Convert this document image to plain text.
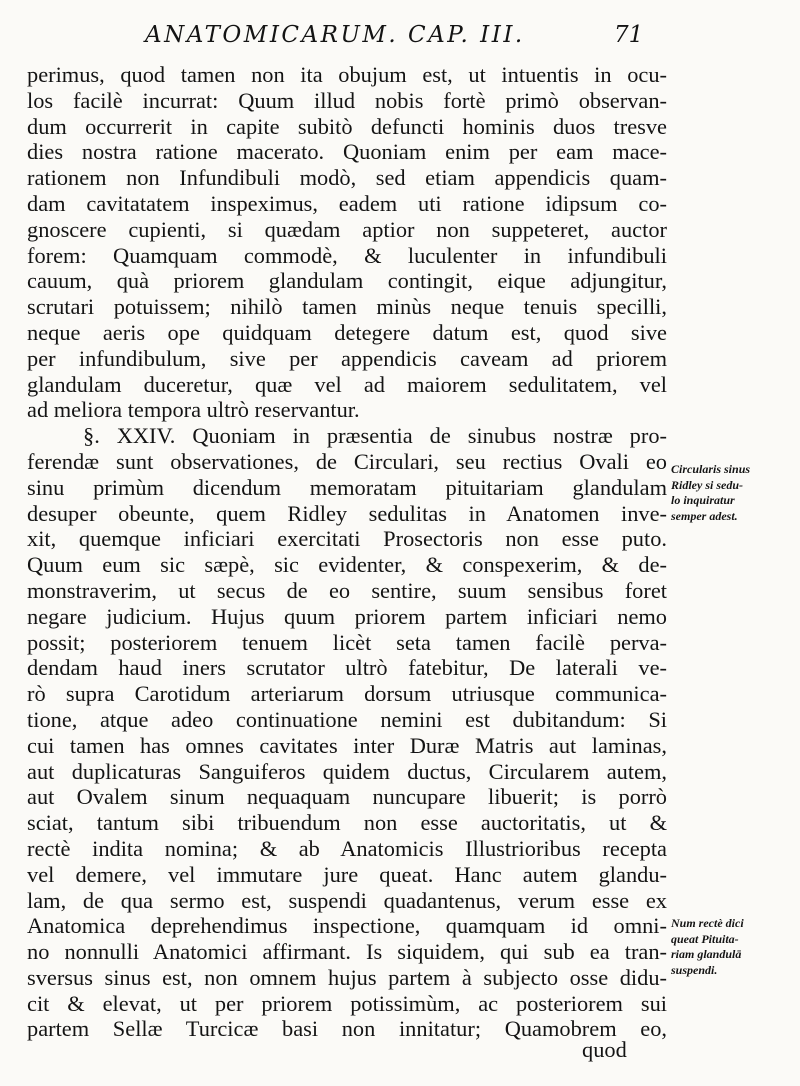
ANATOMICARUM. CAP. III.	71
perimus, quod tamen non ita obujum est, ut intuentis in ocu-
los facilè incurrat: Quum illud nobis fortè primò observan-
dum occurrerit in capite subitò defuncti hominis duos tresve
dies nostra ratione macerato. Quoniam enim per eam mace-
rationem non Infundibuli modò, sed etiam appendicis quam-
dam cavitatatem inspeximus, eadem uti ratione idipsum co-
gnoscere cupienti, si quædam aptior non suppeteret, auctor
forem: Quamquam commodè, & luculenter in infundibuli
cauum, quà priorem glandulam contingit, eique adjungitur,
scrutari potuissem; nihilò tamen minùs neque tenuis specilli,
neque aeris ope quidquam detegere datum est, quod sive
per infundibulum, sive per appendicis caveam ad priorem
glandulam duceretur, quæ vel ad maiorem sedulitatem, vel
ad meliora tempora ultrò reservantur.
§. XXIV. Quoniam in præsentia de sinubus nostræ pro-
ferendæ sunt observationes, de Circulari, seu rectius Ovali eo
sinu primùm dicendum memoratam pituitariam glandulam
desuper obeunte, quem Ridley sedulitas in Anatomen inve-
xit, quemque inficiari exercitati Prosectoris non esse puto.
Quum eum sic sæpè, sic evidenter, & conspexerim, & de-
monstraverim, ut secus de eo sentire, suum sensibus foret
negare judicium. Hujus quum priorem partem inficiari nemo
possit; posteriorem tenuem licèt seta tamen facilè perva-
dendam haud iners scrutator ultrò fatebitur, De laterali ve-
rò supra Carotidum arteriarum dorsum utriusque communica-
tione, atque adeo continuatione nemini est dubitandum: Si
cui tamen has omnes cavitates inter Duræ Matris aut laminas,
aut duplicaturas Sanguiferos quidem ductus, Circularem autem,
aut Ovalem sinum nequaquam nuncupare libuerit; is porrò
sciat, tantum sibi tribuendum non esse auctoritatis, ut &
rectè indita nomina; & ab Anatomicis Illustrioribus recepta
vel demere, vel immutare jure queat. Hanc autem glandu-
lam, de qua sermo est, suspendi quadantenus, verum esse ex
Anatomica deprehendimus inspectione, quamquam id omni-
no nonnulli Anatomici affirmant. Is siquidem, qui sub ea tran-
sversus sinus est, non omnem hujus partem à subjecto osse didu-
cit & elevat, ut per priorem potissimùm, ac posteriorem sui
partem Sellæ Turcicæ basi non innitatur; Quamobrem eo,
quod
Circularis sinus
Ridley si sedu-
lo inquiratur
semper adest.
Num rectè dici
queat Pituita-
riam glandulā
suspendi.
